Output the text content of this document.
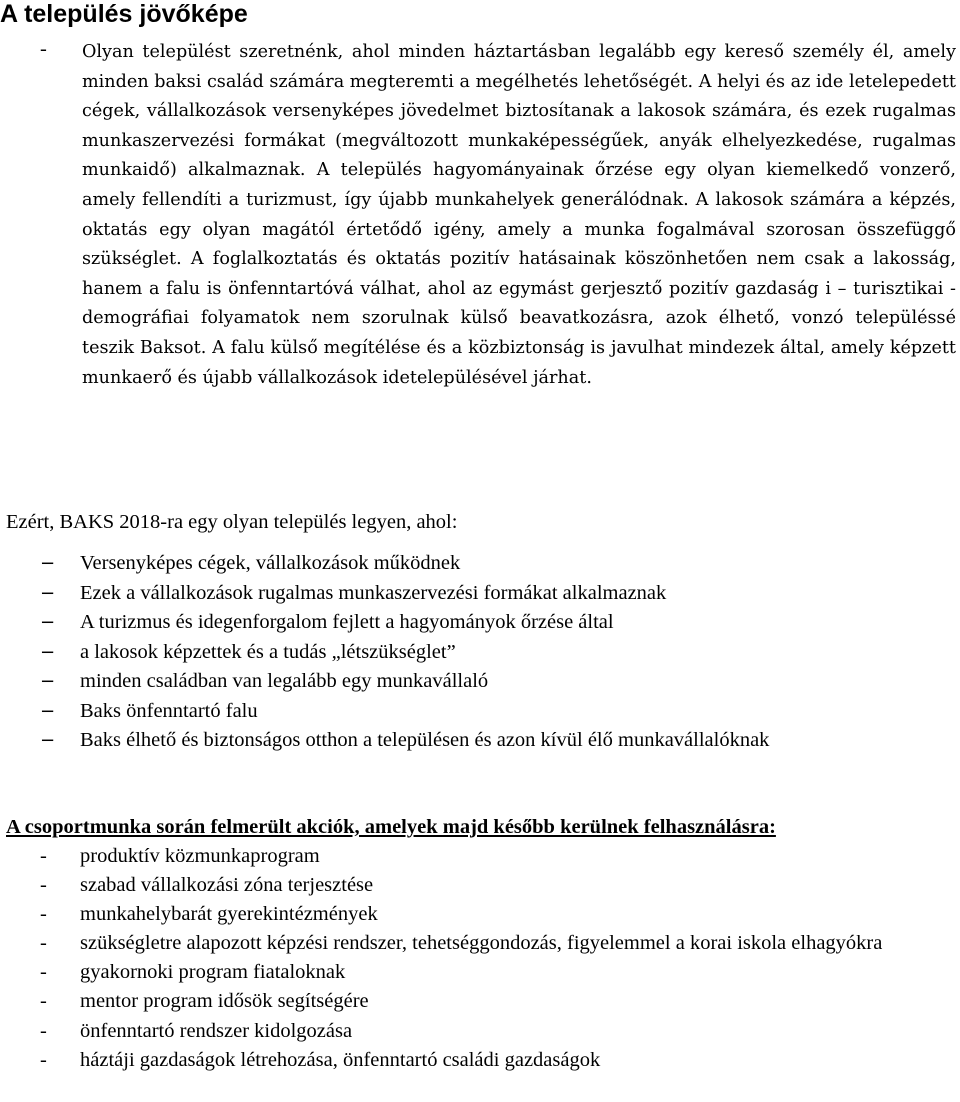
A település jövőképe
- Olyan települést szeretnénk, ahol minden háztartásban legalább egy kereső személy él, amely minden baksi család számára megteremti a megélhetés lehetőségét. A helyi és az ide letelepedett cégek, vállalkozások versenyképes jövedelmet biztosítanak a lakosok számára, és ezek rugalmas munkaszervezési formákat (megváltozott munkaképességűek, anyák elhelyezkedése, rugalmas munkaidő) alkalmaznak. A település hagyományainak őrzése egy olyan kiemelkedő vonzerő, amely fellendíti a turizmust, így újabb munkahelyek generálódnak. A lakosok számára a képzés, oktatás egy olyan magától értetődő igény, amely a munka fogalmával szorosan összefüggő szükséglet. A foglalkoztatás és oktatás pozitív hatásainak köszönhetően nem csak a lakosság, hanem a falu is önfenntartóvá válhat, ahol az egymást gerjesztő pozitív gazdaság i – turisztikai - demográfiai folyamatok nem szorulnak külső beavatkozásra, azok élhető, vonzó településsé teszik Baksot. A falu külső megítélése és a közbiztonság is javulhat mindezek által, amely képzett munkaerő és újabb vállalkozások idetelepülésével járhat.

Ezért, BAKS 2018-ra egy olyan település legyen, ahol:

− Versenyképes cégek, vállalkozások működnek
− Ezek a vállalkozások rugalmas munkaszervezési formákat alkalmaznak
− A turizmus és idegenforgalom fejlett a hagyományok őrzése által
− a lakosok képzettek és a tudás „létszükséglet”
− minden családban van legalább egy munkavállaló
− Baks önfenntartó falu
− Baks élhető és biztonságos otthon a településen és azon kívül élő munkavállalóknak

A csoportmunka során felmerült akciók, amelyek majd később kerülnek felhasználásra:

- produktív közmunkaprogram
- szabad vállalkozási zóna terjesztése
- munkahelybarát gyerekintézmények
- szükségletre alapozott képzési rendszer, tehetséggondozás, figyelemmel a korai iskola elhagyókra
- gyakornoki program fiataloknak
- mentor program idősök segítségére
- önfenntartó rendszer kidolgozása
- háztáji gazdaságok létrehozása, önfenntartó családi gazdaságok
